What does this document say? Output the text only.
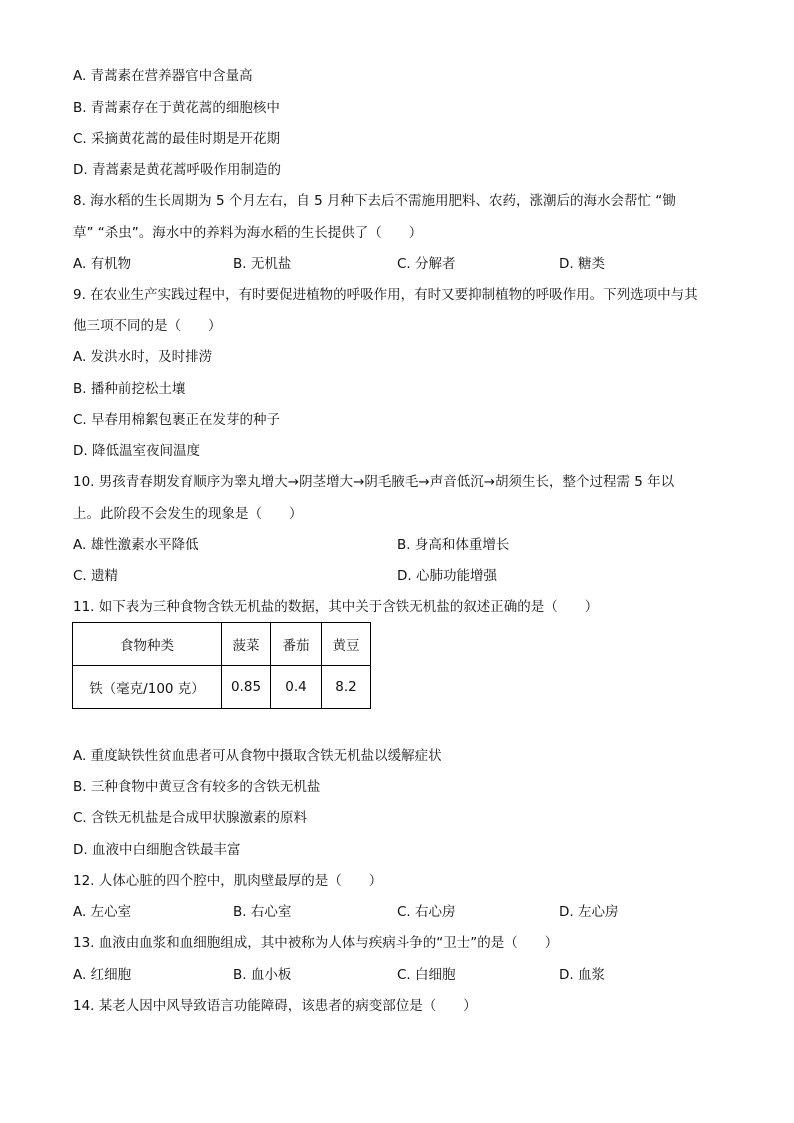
A. 青蒿素在营养器官中含量高
B. 青蒿素存在于黄花蒿的细胞核中
C. 采摘黄花蒿的最佳时期是开花期
D. 青蒿素是黄花蒿呼吸作用制造的
8. 海水稻的生长周期为 5 个月左右，自 5 月种下去后不需施用肥料、农药，涨潮后的海水会帮忙 “锄
草” “杀虫”。海水中的养料为海水稻的生长提供了（　　）
A. 有机物	B. 无机盐	C. 分解者	D. 糖类
9. 在农业生产实践过程中，有时要促进植物的呼吸作用，有时又要抑制植物的呼吸作用。下列选项中与其
他三项不同的是（　　）
A. 发洪水时，及时排涝
B. 播种前挖松土壤
C. 早春用棉絮包裹正在发芽的种子
D. 降低温室夜间温度
10. 男孩青春期发育顺序为睾丸增大→阴茎增大→阴毛腋毛→声音低沉→胡须生长，整个过程需 5 年以
上。此阶段不会发生的现象是（　　）
A. 雄性激素水平降低	B. 身高和体重增长
C. 遗精	D. 心肺功能增强
11. 如下表为三种食物含铁无机盐的数据，其中关于含铁无机盐的叙述正确的是（　　）
食物种类	菠菜	番茄	黄豆
铁（毫克/100 克）	0.85	0.4	8.2
A. 重度缺铁性贫血患者可从食物中摄取含铁无机盐以缓解症状
B. 三种食物中黄豆含有较多的含铁无机盐
C. 含铁无机盐是合成甲状腺激素的原料
D. 血液中白细胞含铁最丰富
12. 人体心脏的四个腔中，肌肉壁最厚的是（　　）
A. 左心室	B. 右心室	C. 右心房	D. 左心房
13. 血液由血浆和血细胞组成，其中被称为人体与疾病斗争的“卫士”的是（　　）
A. 红细胞	B. 血小板	C. 白细胞	D. 血浆
14. 某老人因中风导致语言功能障碍，该患者的病变部位是（　　）
